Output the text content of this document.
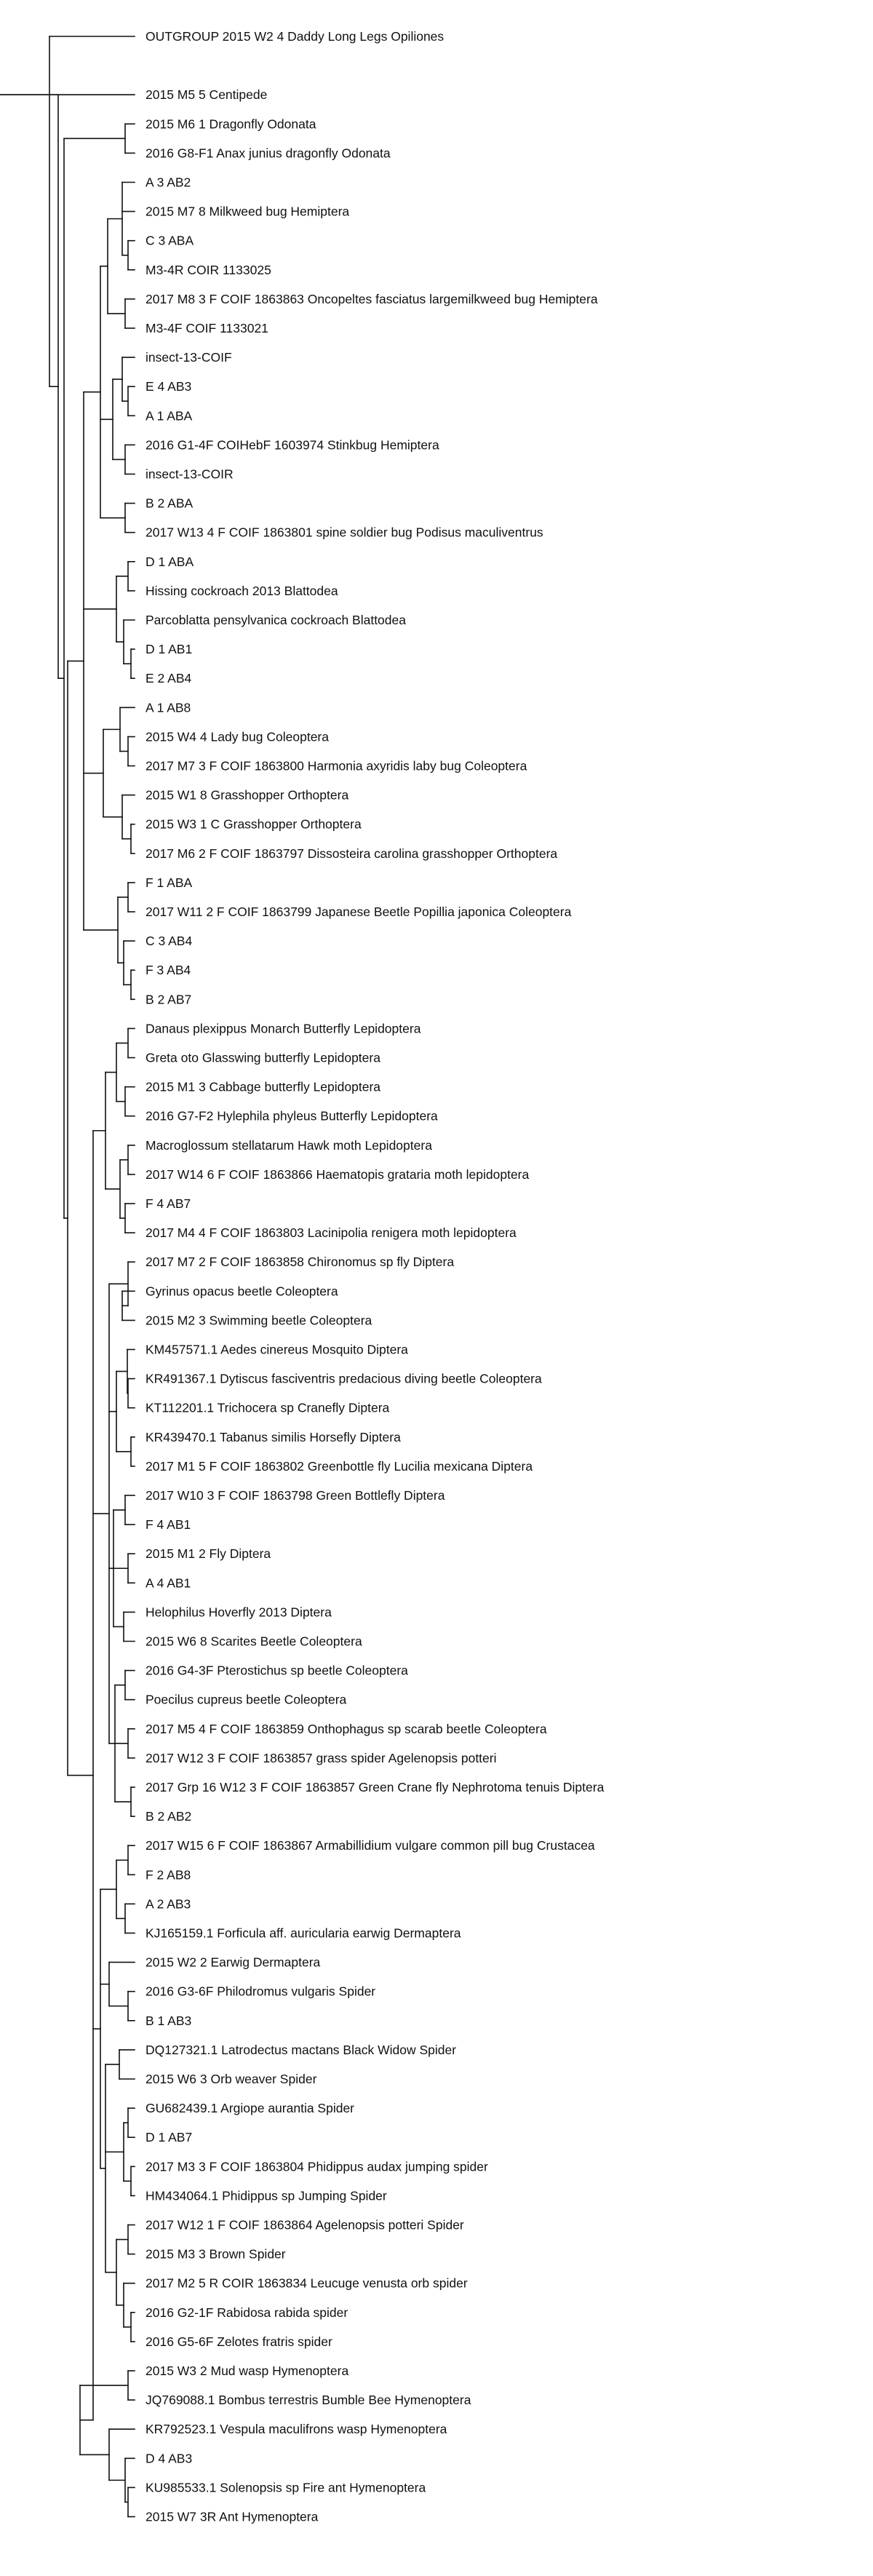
OUTGROUP 2015 W2 4 Daddy Long Legs Opiliones
2015 M5 5 Centipede
2015 M6 1 Dragonfly Odonata
2016 G8-F1 Anax junius dragonfly Odonata
A 3 AB2
2015 M7 8 Milkweed bug Hemiptera
C 3 ABA
M3-4R COIR 1133025
2017 M8 3 F COIF 1863863 Oncopeltes fasciatus largemilkweed bug Hemiptera
M3-4F COIF 1133021
insect-13-COIF
E 4 AB3
A 1 ABA
2016 G1-4F COIHebF 1603974 Stinkbug Hemiptera
insect-13-COIR
B 2 ABA
2017 W13 4 F COIF 1863801 spine soldier bug Podisus maculiventrus
D 1 ABA
Hissing cockroach 2013 Blattodea
Parcoblatta pensylvanica cockroach Blattodea
D 1 AB1
E 2 AB4
A 1 AB8
2015 W4 4 Lady bug Coleoptera
2017 M7 3 F COIF 1863800 Harmonia axyridis laby bug Coleoptera
2015 W1 8 Grasshopper Orthoptera
2015 W3 1 C Grasshopper Orthoptera
2017 M6 2 F COIF 1863797 Dissosteira carolina grasshopper Orthoptera
F 1 ABA
2017 W11 2 F COIF 1863799 Japanese Beetle Popillia japonica Coleoptera
C 3 AB4
F 3 AB4
B 2 AB7
Danaus plexippus Monarch Butterfly Lepidoptera
Greta oto Glasswing butterfly Lepidoptera
2015 M1 3 Cabbage butterfly Lepidoptera
2016 G7-F2 Hylephila phyleus Butterfly Lepidoptera
Macroglossum stellatarum Hawk moth Lepidoptera
2017 W14 6 F COIF 1863866 Haematopis grataria moth lepidoptera
F 4 AB7
2017 M4 4 F COIF 1863803 Lacinipolia renigera moth lepidoptera
2017 M7 2 F COIF 1863858 Chironomus sp fly Diptera
Gyrinus opacus beetle Coleoptera
2015 M2 3 Swimming beetle Coleoptera
KM457571.1 Aedes cinereus Mosquito Diptera
KR491367.1 Dytiscus fasciventris predacious diving beetle Coleoptera
KT112201.1 Trichocera sp Cranefly Diptera
KR439470.1 Tabanus similis Horsefly Diptera
2017 M1 5 F COIF 1863802 Greenbottle fly Lucilia mexicana Diptera
2017 W10 3 F COIF 1863798 Green Bottlefly Diptera
F 4 AB1
2015 M1 2 Fly Diptera
A 4 AB1
Helophilus Hoverfly 2013 Diptera
2015 W6 8 Scarites Beetle Coleoptera
2016 G4-3F Pterostichus sp beetle Coleoptera
Poecilus cupreus beetle Coleoptera
2017 M5 4 F COIF 1863859 Onthophagus sp scarab beetle Coleoptera
2017 W12 3 F COIF 1863857 grass spider Agelenopsis potteri
2017 Grp 16 W12 3 F COIF 1863857 Green Crane fly Nephrotoma tenuis Diptera
B 2 AB2
2017 W15 6 F COIF 1863867 Armabillidium vulgare common pill bug Crustacea
F 2 AB8
A 2 AB3
KJ165159.1 Forficula aff. auricularia earwig Dermaptera
2015 W2 2 Earwig Dermaptera
2016 G3-6F Philodromus vulgaris Spider
B 1 AB3
DQ127321.1 Latrodectus mactans Black Widow Spider
2015 W6 3 Orb weaver Spider
GU682439.1 Argiope aurantia Spider
D 1 AB7
2017 M3 3 F COIF 1863804 Phidippus audax jumping spider
HM434064.1 Phidippus sp Jumping Spider
2017 W12 1 F COIF 1863864 Agelenopsis potteri Spider
2015 M3 3 Brown Spider
2017 M2 5 R COIR 1863834 Leucuge venusta orb spider
2016 G2-1F Rabidosa rabida spider
2016 G5-6F Zelotes fratris spider
2015 W3 2 Mud wasp Hymenoptera
JQ769088.1 Bombus terrestris Bumble Bee Hymenoptera
KR792523.1 Vespula maculifrons wasp Hymenoptera
D 4 AB3
KU985533.1 Solenopsis sp Fire ant Hymenoptera
2015 W7 3R Ant Hymenoptera
